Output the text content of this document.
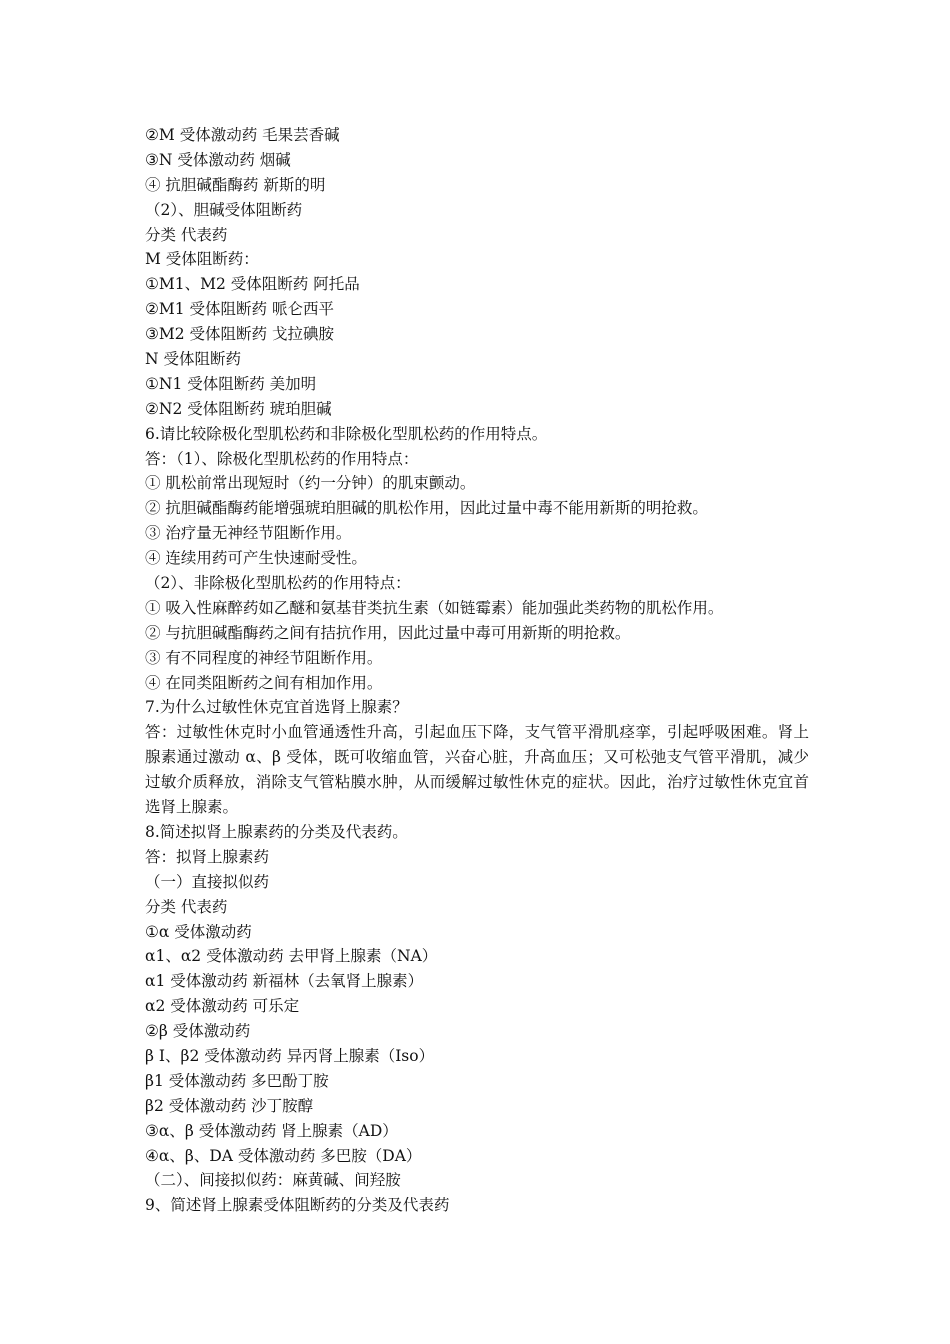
②M 受体激动药 毛果芸香碱
③N 受体激动药 烟碱
④ 抗胆碱酯酶药 新斯的明
（2）、胆碱受体阻断药
分类 代表药
M 受体阻断药：
①M1、M2 受体阻断药 阿托品
②M1 受体阻断药 哌仑西平
③M2 受体阻断药 戈拉碘胺
N 受体阻断药
①N1 受体阻断药 美加明
②N2 受体阻断药 琥珀胆碱
6.请比较除极化型肌松药和非除极化型肌松药的作用特点。
答：（1）、除极化型肌松药的作用特点：
① 肌松前常出现短时（约一分钟）的肌束颤动。
② 抗胆碱酯酶药能增强琥珀胆碱的肌松作用，因此过量中毒不能用新斯的明抢救。
③ 治疗量无神经节阻断作用。
④ 连续用药可产生快速耐受性。
（2）、非除极化型肌松药的作用特点：
① 吸入性麻醉药如乙醚和氨基苷类抗生素（如链霉素）能加强此类药物的肌松作用。
② 与抗胆碱酯酶药之间有拮抗作用，因此过量中毒可用新斯的明抢救。
③ 有不同程度的神经节阻断作用。
④ 在同类阻断药之间有相加作用。
7.为什么过敏性休克宜首选肾上腺素？
答：过敏性休克时小血管通透性升高，引起血压下降，支气管平滑肌痉挛，引起呼吸困难。肾上腺素通过激动 α、β 受体，既可收缩血管，兴奋心脏，升高血压；又可松弛支气管平滑肌，减少过敏介质释放，消除支气管粘膜水肿，从而缓解过敏性休克的症状。因此，治疗过敏性休克宜首选肾上腺素。
8.简述拟肾上腺素药的分类及代表药。
答：拟肾上腺素药
（一）直接拟似药
分类 代表药
①α 受体激动药
α1、α2 受体激动药 去甲肾上腺素（NA）
α1 受体激动药 新福林（去氧肾上腺素）
α2 受体激动药 可乐定
②β 受体激动药
β Ⅰ、β2 受体激动药 异丙肾上腺素（Iso）
β1 受体激动药 多巴酚丁胺
β2 受体激动药 沙丁胺醇
③α、β 受体激动药 肾上腺素（AD）
④α、β、DA 受体激动药 多巴胺（DA）
（二）、间接拟似药：麻黄碱、间羟胺
9、简述肾上腺素受体阻断药的分类及代表药
